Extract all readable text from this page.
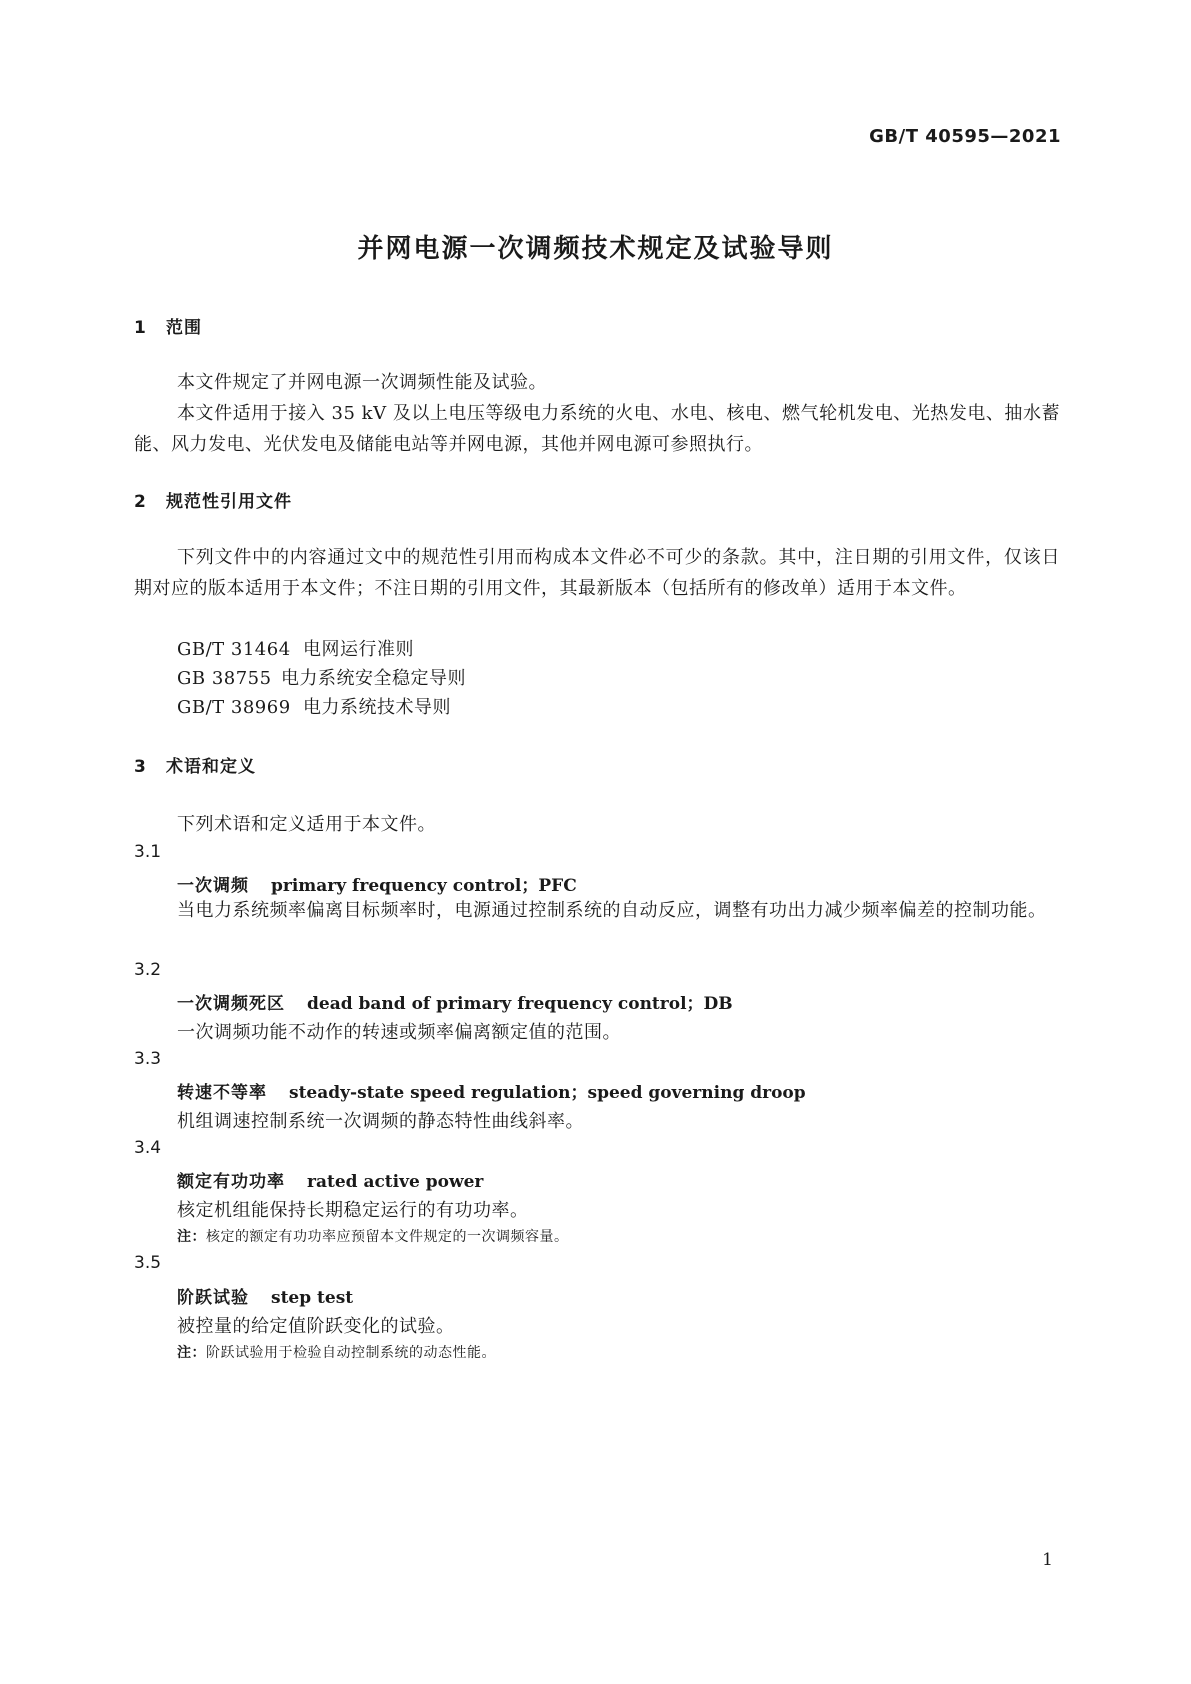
GB/T 40595—2021
并网电源一次调频技术规定及试验导则
1 范围
本文件规定了并网电源一次调频性能及试验。
本文件适用于接入 35 kV 及以上电压等级电力系统的火电、水电、核电、燃气轮机发电、光热发电、抽水蓄能、风力发电、光伏发电及储能电站等并网电源，其他并网电源可参照执行。
2 规范性引用文件
下列文件中的内容通过文中的规范性引用而构成本文件必不可少的条款。其中，注日期的引用文件，仅该日期对应的版本适用于本文件；不注日期的引用文件，其最新版本（包括所有的修改单）适用于本文件。
GB/T 31464 电网运行准则
GB 38755 电力系统安全稳定导则
GB/T 38969 电力系统技术导则
3 术语和定义
下列术语和定义适用于本文件。
3.1
一次调频 primary frequency control；PFC
当电力系统频率偏离目标频率时，电源通过控制系统的自动反应，调整有功出力减少频率偏差的控制功能。
3.2
一次调频死区 dead band of primary frequency control；DB
一次调频功能不动作的转速或频率偏离额定值的范围。
3.3
转速不等率 steady-state speed regulation；speed governing droop
机组调速控制系统一次调频的静态特性曲线斜率。
3.4
额定有功功率 rated active power
核定机组能保持长期稳定运行的有功功率。
注：核定的额定有功功率应预留本文件规定的一次调频容量。
3.5
阶跃试验 step test
被控量的给定值阶跃变化的试验。
注：阶跃试验用于检验自动控制系统的动态性能。
1
